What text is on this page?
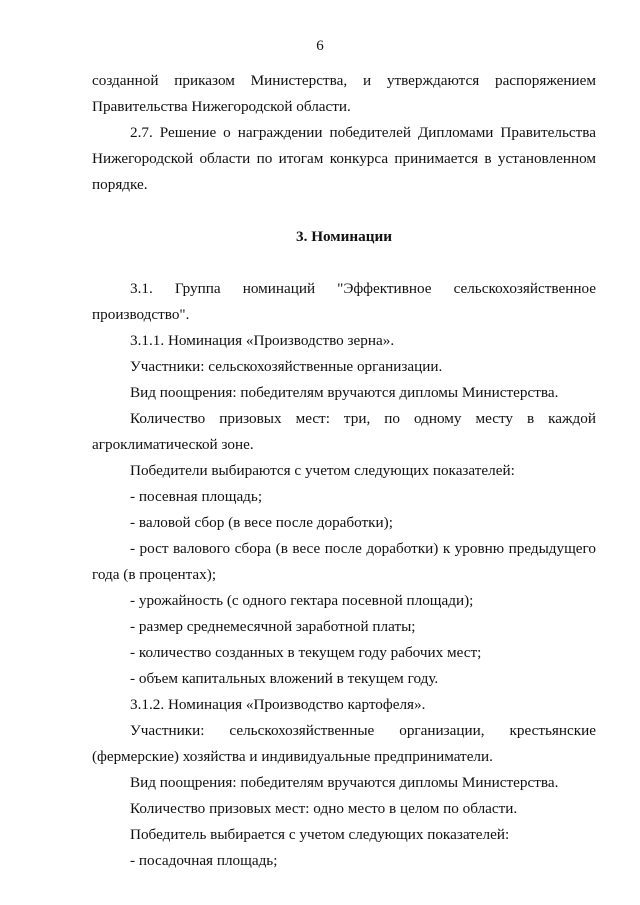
6

созданной приказом Министерства, и утверждаются распоряжением

Правительства Нижегородской области.

2.7. Решение о награждении победителей Дипломами Правительства

Нижегородской области по итогам конкурса принимается в установленном

порядке.

3. Номинации

3.1. Группа номинаций "Эффективное сельскохозяйственное

производство".

3.1.1. Номинация «Производство зерна».

Участники: сельскохозяйственные организации.

Вид поощрения: победителям вручаются дипломы Министерства.

Количество призовых мест: три, по одному месту в каждой

агроклиматической зоне.

Победители выбираются с учетом следующих показателей:

- посевная площадь;

- валовой сбор (в весе после доработки);

- рост валового сбора (в весе после доработки) к уровню предыдущего

года (в процентах);

- урожайность (с одного гектара посевной площади);

- размер среднемесячной заработной платы;

- количество созданных в текущем году рабочих мест;

- объем капитальных вложений в текущем году.

3.1.2. Номинация «Производство картофеля».

Участники: сельскохозяйственные организации, крестьянские

(фермерские) хозяйства и индивидуальные предприниматели.

Вид поощрения: победителям вручаются дипломы Министерства.

Количество призовых мест: одно место в целом по области.

Победитель выбирается с учетом следующих показателей:

- посадочная площадь;
